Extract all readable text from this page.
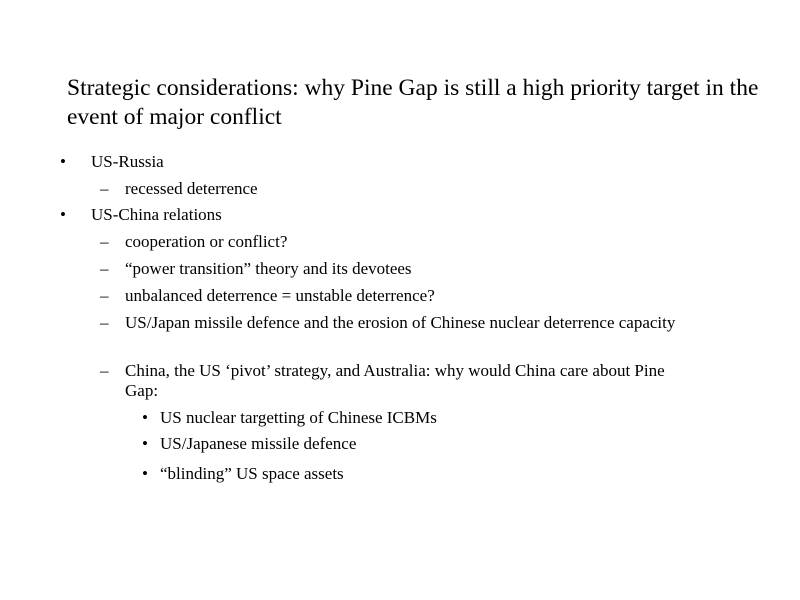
Strategic considerations: why Pine Gap is still a high priority target in the event of major conflict
• US-Russia
– recessed deterrence
• US-China relations
– cooperation or conflict?
– “power transition” theory and its devotees
– unbalanced deterrence = unstable deterrence?
– US/Japan missile defence and the erosion of Chinese nuclear deterrence capacity
– China, the US ‘pivot’ strategy, and Australia: why would China care about Pine Gap:
• US nuclear targetting of Chinese ICBMs
• US/Japanese missile defence
• “blinding” US space assets
